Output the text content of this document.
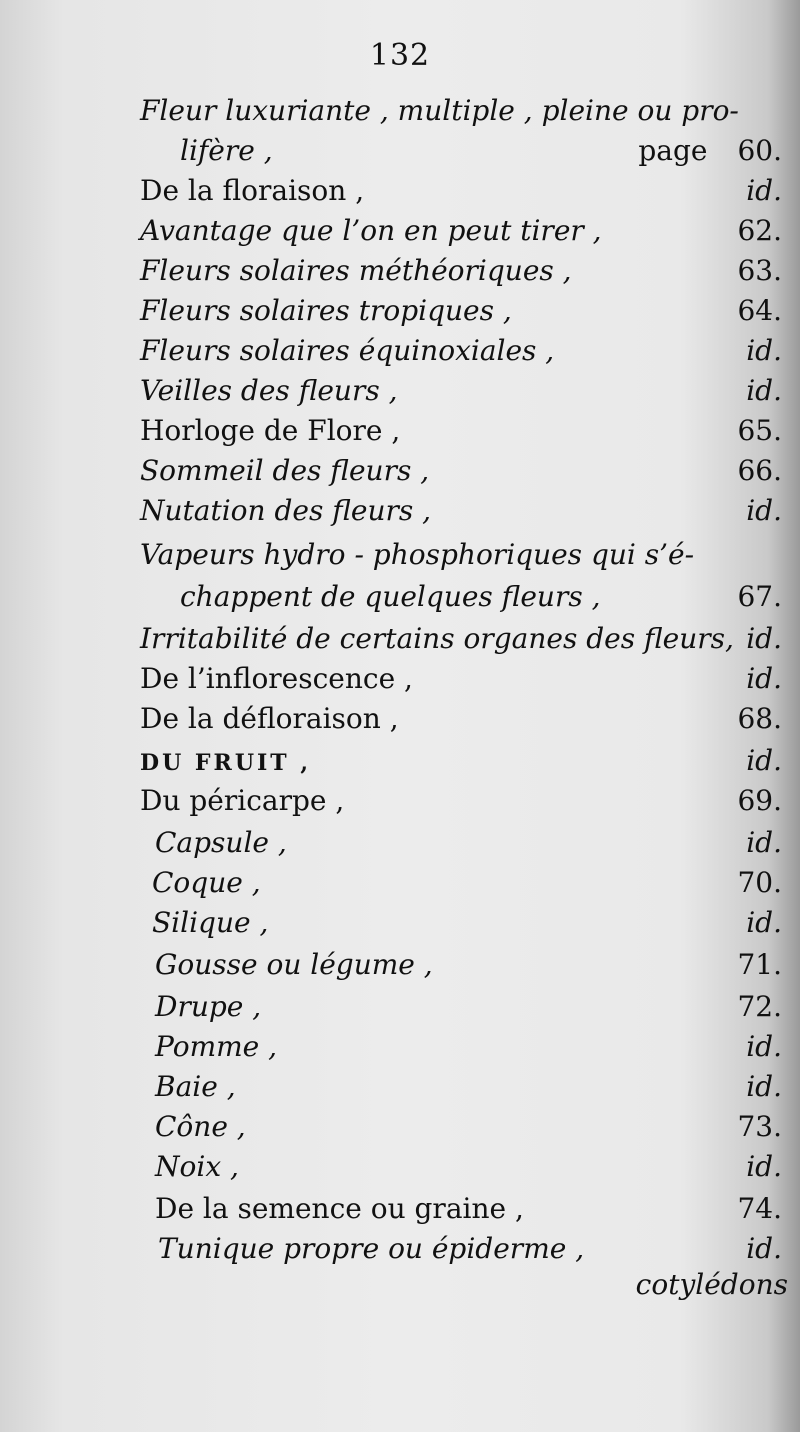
132
Fleur luxuriante , multiple , pleine ou pro-
lifère ,	page 60.
De la floraison ,	id.
Avantage que l’on en peut tirer ,	62.
Fleurs solaires méthéoriques ,	63.
Fleurs solaires tropiques ,	64.
Fleurs solaires équinoxiales ,	id.
Veilles des fleurs ,	id.
Horloge de Flore ,	65.
Sommeil des fleurs ,	66.
Nutation des fleurs ,	id.
Vapeurs hydro - phosphoriques qui s’é-
chappent de quelques fleurs ,	67.
Irritabilité de certains organes des fleurs, id.
De l’inflorescence ,	id.
De la défloraison ,	68.
DU FRUIT ,	id.
Du péricarpe ,	69.
Capsule ,	id.
Coque ,	70.
Silique ,	id.
Gousse ou légume ,	71.
Drupe ,	72.
Pomme ,	id.
Baie ,	id.
Cône ,	73.
Noix ,	id.
De la semence ou graine ,	74.
Tunique propre ou épiderme ,	id.
cotylédons
